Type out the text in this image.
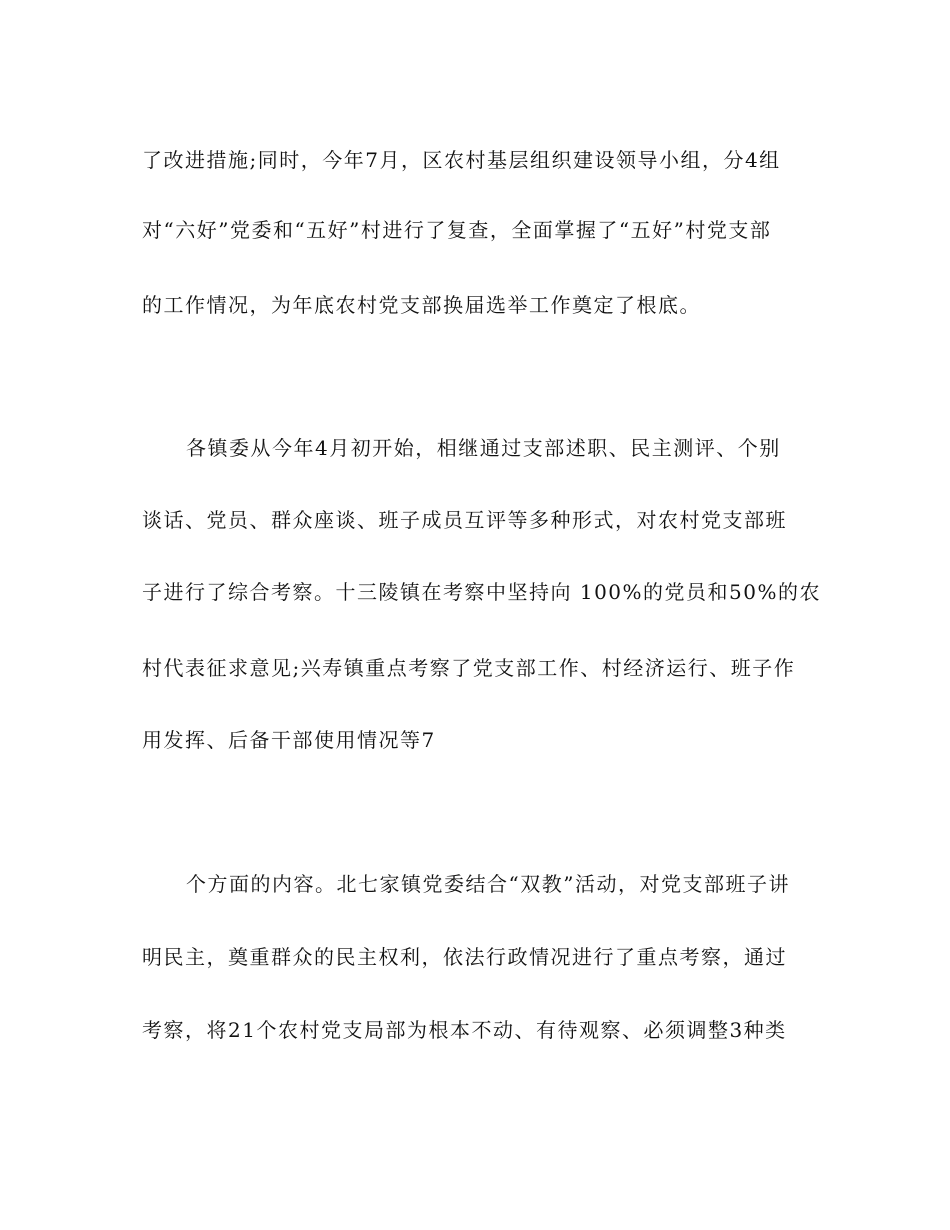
了改进措施;同时，今年7月，区农村基层组织建设领导小组，分4组
对“六好”党委和“五好”村进行了复查，全面掌握了“五好”村党支部
的工作情况，为年底农村党支部换届选举工作奠定了根底。
各镇委从今年4月初开始，相继通过支部述职、民主测评、个别
谈话、党员、群众座谈、班子成员互评等多种形式，对农村党支部班
子进行了综合考察。十三陵镇在考察中坚持向 100%的党员和50%的农
村代表征求意见;兴寿镇重点考察了党支部工作、村经济运行、班子作
用发挥、后备干部使用情况等7
个方面的内容。北七家镇党委结合“双教”活动，对党支部班子讲
明民主，奠重群众的民主权利，依法行政情况进行了重点考察，通过
考察，将21个农村党支局部为根本不动、有待观察、必须调整3种类
